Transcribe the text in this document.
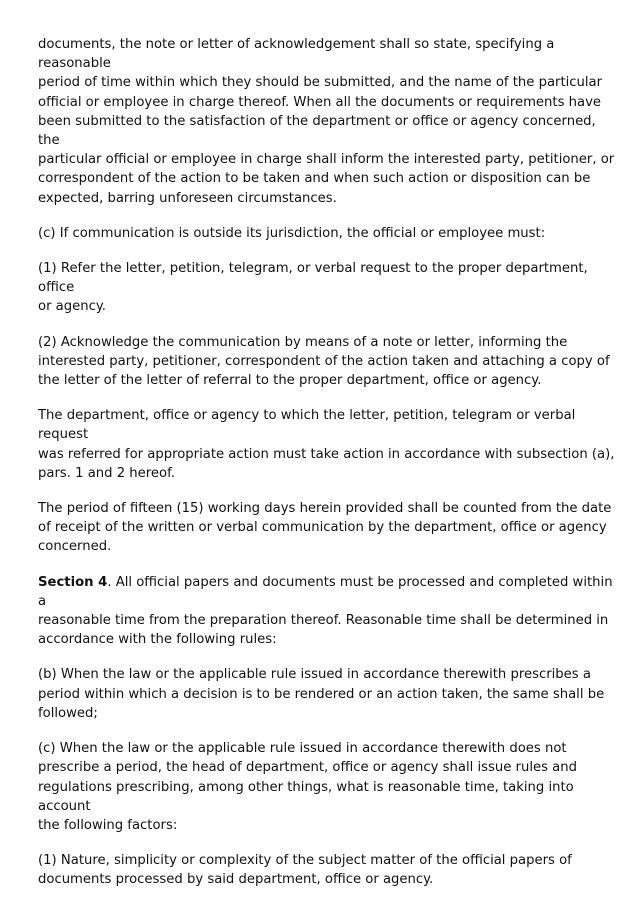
documents, the note or letter of acknowledgement shall so state, specifying a reasonable
period of time within which they should be submitted, and the name of the particular
official or employee in charge thereof. When all the documents or requirements have
been submitted to the satisfaction of the department or office or agency concerned, the
particular official or employee in charge shall inform the interested party, petitioner, or
correspondent of the action to be taken and when such action or disposition can be
expected, barring unforeseen circumstances.

(c) If communication is outside its jurisdiction, the official or employee must:

(1) Refer the letter, petition, telegram, or verbal request to the proper department, office
or agency.

(2) Acknowledge the communication by means of a note or letter, informing the
interested party, petitioner, correspondent of the action taken and attaching a copy of
the letter of the letter of referral to the proper department, office or agency.

The department, office or agency to which the letter, petition, telegram or verbal request
was referred for appropriate action must take action in accordance with subsection (a),
pars. 1 and 2 hereof.

The period of fifteen (15) working days herein provided shall be counted from the date
of receipt of the written or verbal communication by the department, office or agency
concerned.

Section 4. All official papers and documents must be processed and completed within a
reasonable time from the preparation thereof. Reasonable time shall be determined in
accordance with the following rules:

(b) When the law or the applicable rule issued in accordance therewith prescribes a
period within which a decision is to be rendered or an action taken, the same shall be
followed;

(c) When the law or the applicable rule issued in accordance therewith does not
prescribe a period, the head of department, office or agency shall issue rules and
regulations prescribing, among other things, what is reasonable time, taking into account
the following factors:

(1) Nature, simplicity or complexity of the subject matter of the official papers of
documents processed by said department, office or agency.
